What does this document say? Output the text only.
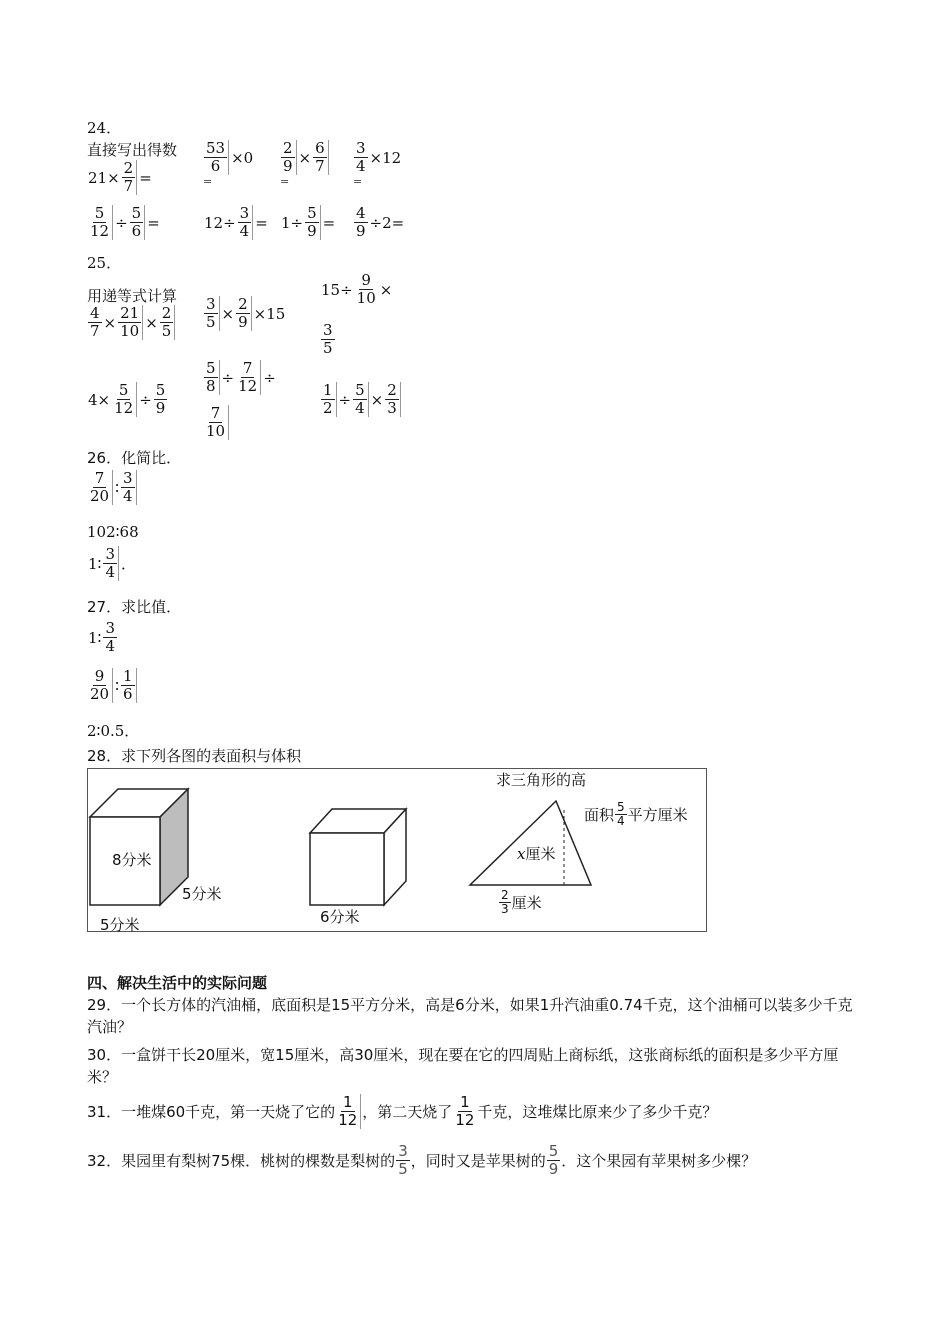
24．
直接写出得数
$21\times \frac{2}{7}$ =
$\frac{53}{6} \times 0$
=
$\frac{2}{9} \times \frac{6}{7}$
=
$\frac{3}{4} \times 12$
=
$\frac{5}{12} \div \frac{5}{6}$ =	$12\div \frac{3}{4} = 1\div \frac{5}{9} = \frac{4}{9} \div 2=$
25．
用递等式计算
$\frac{4}{7} \times \frac{21}{10} \times \frac{2}{5} \frac{3}{5} \times \frac{2}{9} \times 15$
$15\div \frac{9}{10}$ ×
$\frac{3}{5}$
$4\times \frac{5}{12} \div \frac{5}{9}$
$\frac{5}{8} \div \frac{7}{12}$ ÷
$\frac{7}{10}$
$\frac{1}{2} \div \frac{5}{4} \times \frac{2}{3}$
26．化简比．
$\frac{7}{20}$ ∶ $\frac{3}{4}$
102∶68
1∶ $\frac{3}{4}$ ．
27．求比值．
1∶ $\frac{3}{4}$
$\frac{9}{20}$ ∶ $\frac{1}{6}$
2∶0.5．
28．求下列各图的表面积与体积
8分米
5分米
5分米	6分米
求三角形的高
面积 $\frac{5}{4}$ 平方厘米
x 厘米
$\frac{2}{3}$ 厘米
四、解决生活中的实际问题
29．一个长方体的汽油桶，底面积是15平方分米，高是6分米，如果1升汽油重0.74千克，这个油桶可以装多少千克汽油？
30．一盒饼干长20厘米，宽15厘米，高30厘米，现在要在它的四周贴上商标纸，这张商标纸的面积是多少平方厘米？
31．一堆煤60千克，第一天烧了它的 $\frac{1}{12}$ ，第二天烧了 $\frac{1}{12}$ 千克，这堆煤比原来少了多少千克？
32．果园里有梨树75棵．桃树的棵数是梨树的 $\frac{3}{5}$ ，同时又是苹果树的 $\frac{5}{9}$ ．这个果园有苹果树多少棵？
